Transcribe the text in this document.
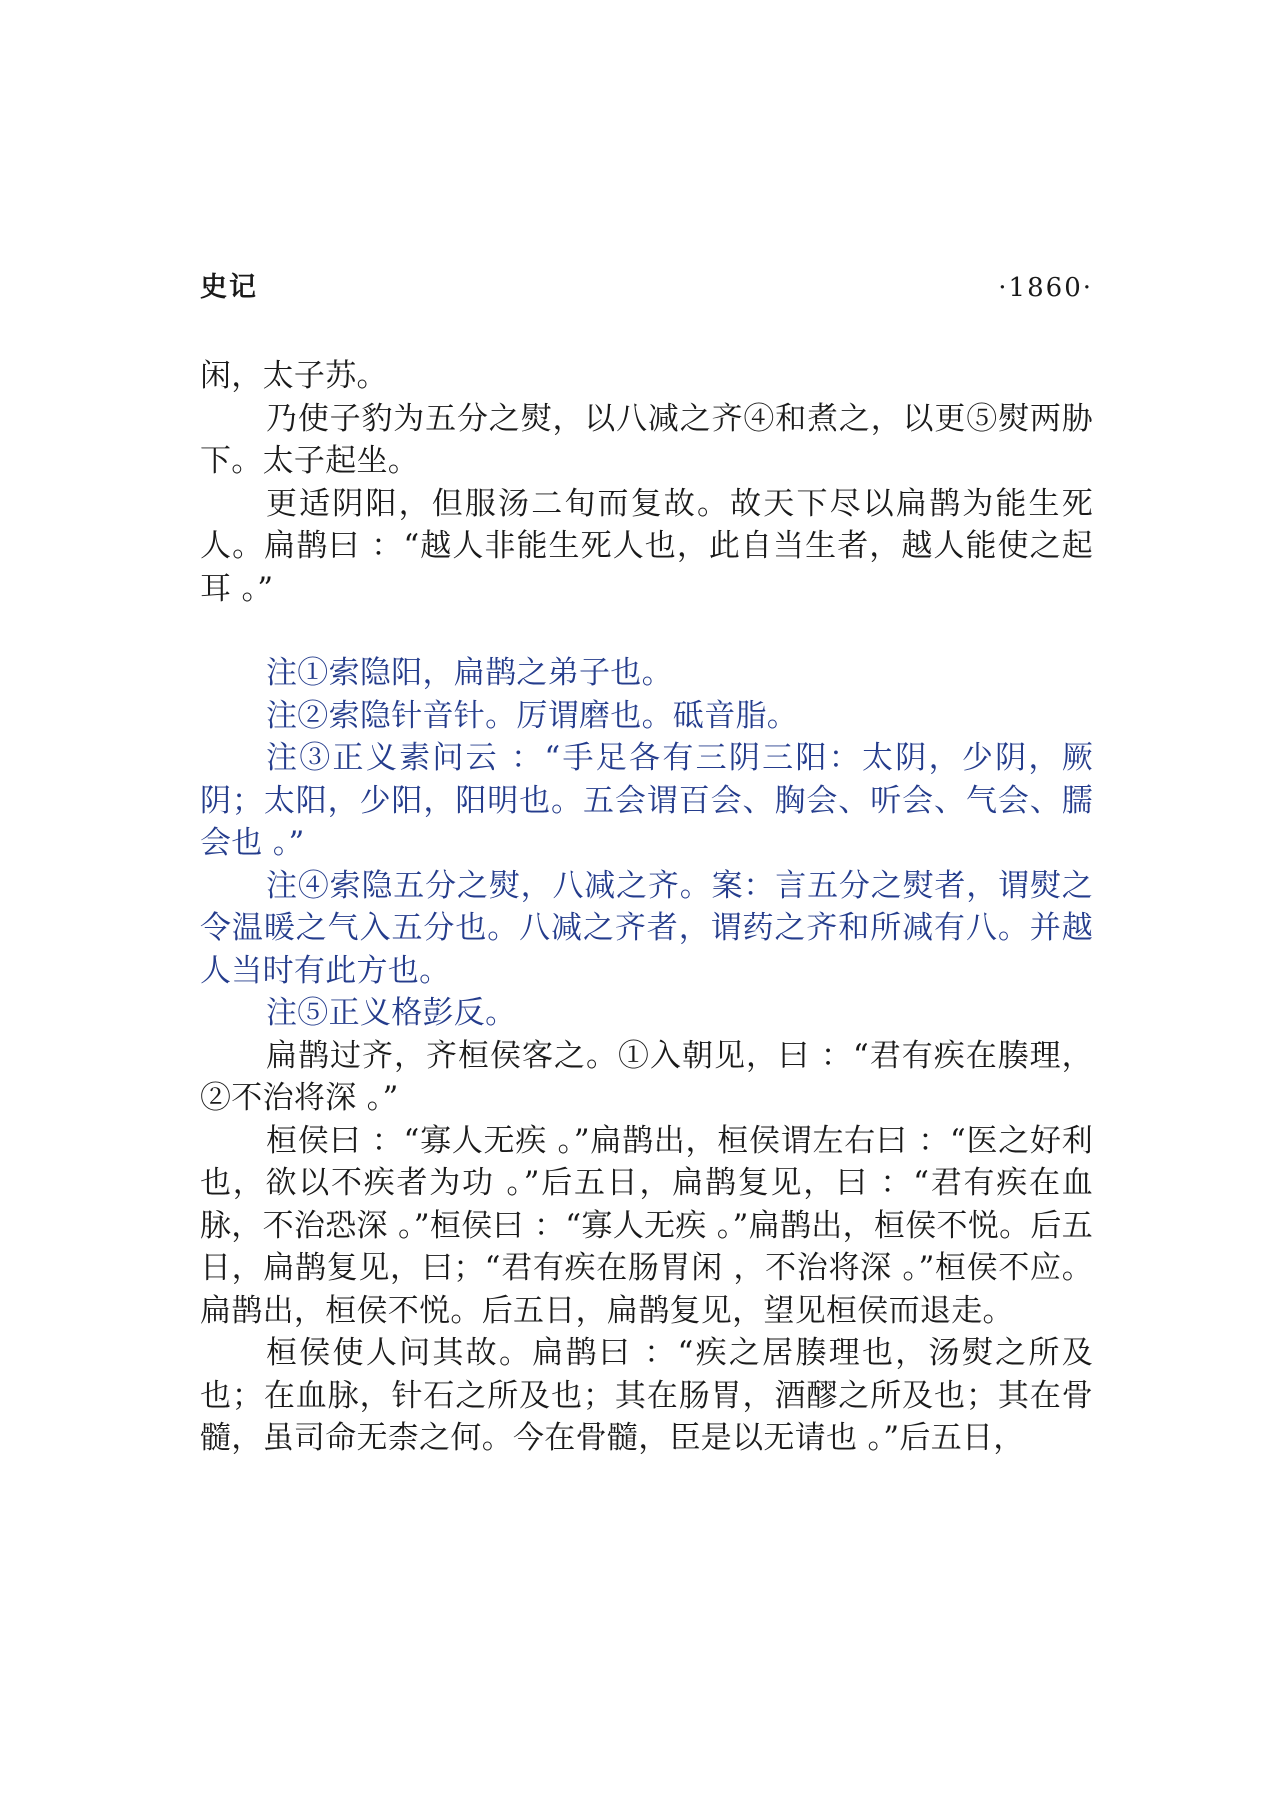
史记	·1860·

闲，太子苏。

乃使子豹为五分之熨，以八减之齐④和煮之，以更⑤熨两胁下。太子起坐。

更适阴阳，但服汤二旬而复故。故天下尽以扁鹊为能生死人。扁鹊曰 ：“越人非能生死人也，此自当生者，越人能使之起耳 。”

注①索隐阳，扁鹊之弟子也。

注②索隐针音针。厉谓磨也。砥音脂。

注③正义素问云 ：“手足各有三阴三阳：太阴，少阴，厥阴；太阳，少阳，阳明也。五会谓百会、胸会、听会、气会、臑会也 。”

注④索隐五分之熨，八减之齐。案：言五分之熨者，谓熨之令温暖之气入五分也。八减之齐者，谓药之齐和所减有八。并越人当时有此方也。

注⑤正义格彭反。

扁鹊过齐，齐桓侯客之。①入朝见，曰 ：“君有疾在腠理，②不治将深 。”

桓侯曰 ：“寡人无疾 。”扁鹊出，桓侯谓左右曰 ：“医之好利也，欲以不疾者为功 。”后五日，扁鹊复见，曰 ：“君有疾在血脉，不治恐深 。”桓侯曰 ：“寡人无疾 。”扁鹊出，桓侯不悦。后五日，扁鹊复见，曰；“君有疾在肠胃闲 ，不治将深 。”桓侯不应。扁鹊出，桓侯不悦。后五日，扁鹊复见，望见桓侯而退走。

桓侯使人问其故。扁鹊曰 ：“疾之居腠理也，汤熨之所及也；在血脉，针石之所及也；其在肠胃，酒醪之所及也；其在骨髓，虽司命无柰之何。今在骨髓，臣是以无请也 。”后五日，
